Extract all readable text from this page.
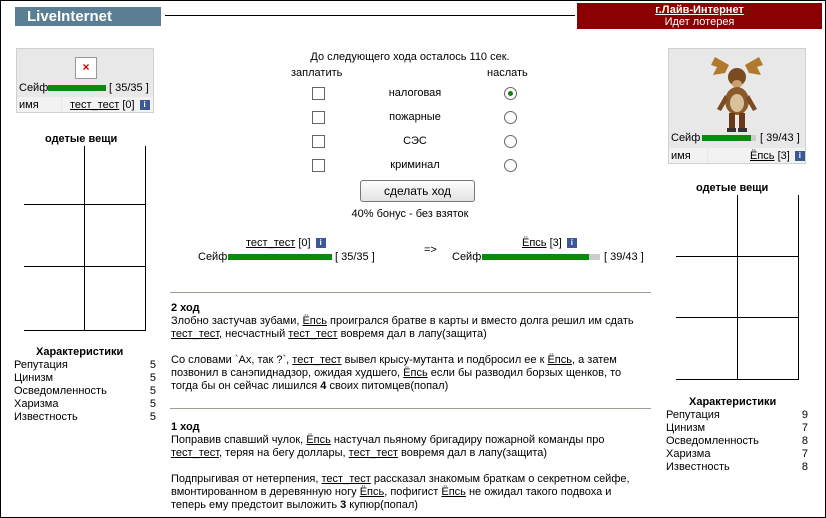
LiveInternet	г.Лайв-Интернет
Идет лотерея
×
Сейф	[ 35/35 ]
имя	тест_тест [0] i
одетые вещи
Характеристики
Репутация	5
Цинизм	5
Осведомленность	5
Харизма	5
Известность	5
Сейф	[ 39/43 ]
имя	Ёпсь [3] i
одетые вещи
Характеристики
Репутация	9
Цинизм	7
Осведомленность	8
Харизма	7
Известность	8
До следующего хода осталось 110 сек.
заплатить	наслать
налоговая
пожарные
СЭС
криминал
сделать ход
40% бонус - без взяток
тест_тест [0] i
Сейф	[ 35/35 ]
=>
Ёпсь [3] i
Сейф	[ 39/43 ]
2 ход
Злобно застучав зубами, Ёпсь проигрался братве в карты и вместо долга решил им сдать
тест_тест, несчастный тест_тест вовремя дал в лапу(защита)
Со словами `Ах, так ?`, тест_тест вывел крысу-мутанта и подбросил ее к Ёпсь, а затем
позвонил в санэпиднадзор, ожидая худшего, Ёпсь если бы разводил борзых щенков, то
тогда бы он сейчас лишился 4 своих питомцев(попал)
1 ход
Поправив спавший чулок, Ёпсь настучал пьяному бригадиру пожарной команды про
тест_тест, теряя на бегу доллары, тест_тест вовремя дал в лапу(защита)
Подпрыгивая от нетерпения, тест_тест рассказал знакомым браткам о секретном сейфе,
вмонтированном в деревянную ногу Ёпсь, пофигист Ёпсь не ожидал такого подвоха и
теперь ему предстоит выложить 3 купюр(попал)
